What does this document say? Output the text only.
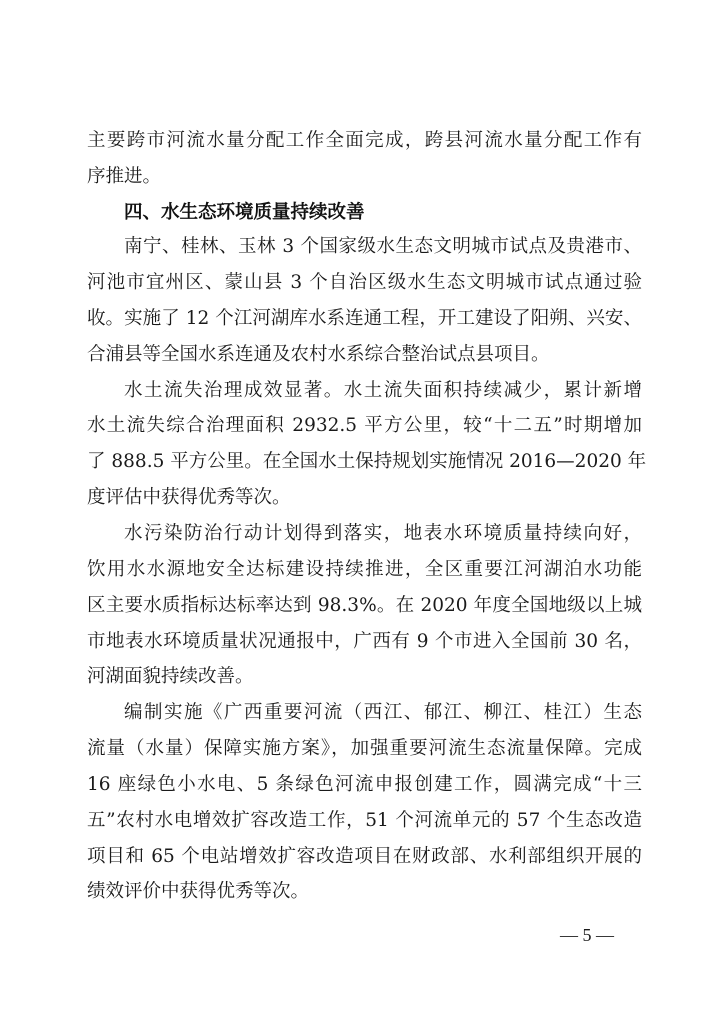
主要跨市河流水量分配工作全面完成，跨县河流水量分配工作有
序推进。
四、水生态环境质量持续改善
南宁、桂林、玉林 3 个国家级水生态文明城市试点及贵港市、
河池市宜州区、蒙山县 3 个自治区级水生态文明城市试点通过验
收。实施了 12 个江河湖库水系连通工程，开工建设了阳朔、兴安、
合浦县等全国水系连通及农村水系综合整治试点县项目。
水土流失治理成效显著。水土流失面积持续减少，累计新增
水土流失综合治理面积 2932.5 平方公里，较“十二五”时期增加
了 888.5 平方公里。在全国水土保持规划实施情况 2016—2020 年
度评估中获得优秀等次。
水污染防治行动计划得到落实，地表水环境质量持续向好，
饮用水水源地安全达标建设持续推进，全区重要江河湖泊水功能
区主要水质指标达标率达到 98.3%。在 2020 年度全国地级以上城
市地表水环境质量状况通报中，广西有 9 个市进入全国前 30 名，
河湖面貌持续改善。
编制实施《广西重要河流（西江、郁江、柳江、桂江）生态
流量（水量）保障实施方案》，加强重要河流生态流量保障。完成
16 座绿色小水电、5 条绿色河流申报创建工作，圆满完成“十三
五”农村水电增效扩容改造工作，51 个河流单元的 57 个生态改造
项目和 65 个电站增效扩容改造项目在财政部、水利部组织开展的
绩效评价中获得优秀等次。
— 5 —
